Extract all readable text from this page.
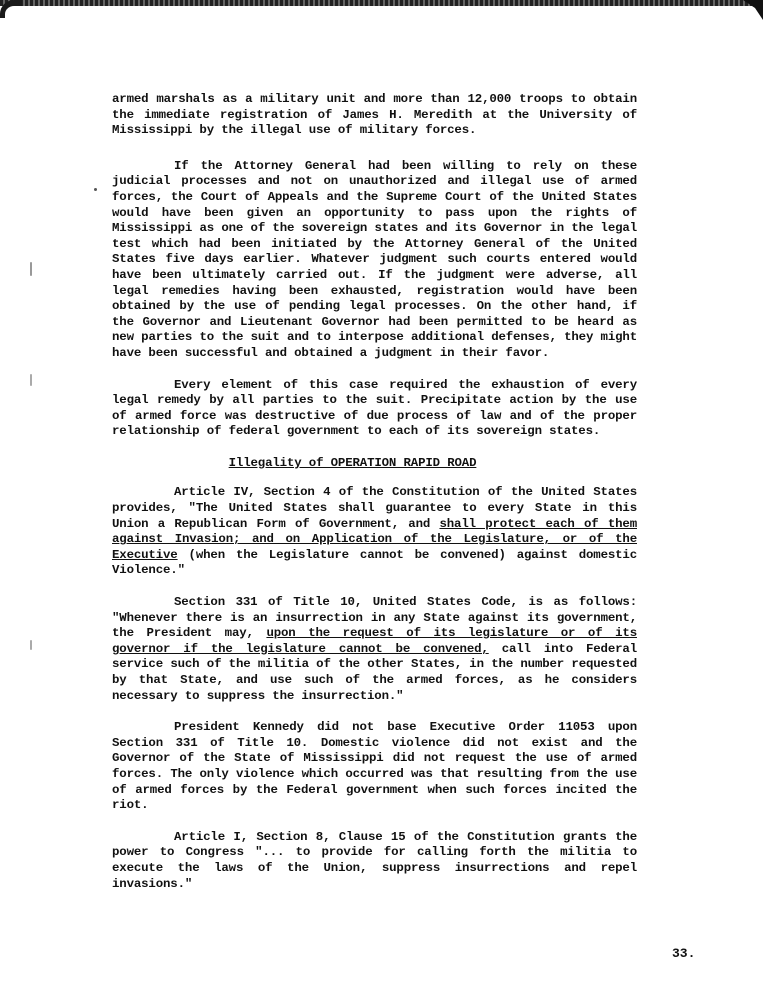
armed marshals as a military unit and more than 12,000 troops to obtain the immediate registration of James H. Meredith at the University of Mississippi by the illegal use of military forces.

If the Attorney General had been willing to rely on these judicial processes and not on unauthorized and illegal use of armed forces, the Court of Appeals and the Supreme Court of the United States would have been given an opportunity to pass upon the rights of Mississippi as one of the sovereign states and its Governor in the legal test which had been initiated by the Attorney General of the United States five days earlier. Whatever judgment such courts entered would have been ultimately carried out. If the judgment were adverse, all legal remedies having been exhausted, registration would have been obtained by the use of pending legal processes. On the other hand, if the Governor and Lieutenant Governor had been permitted to be heard as new parties to the suit and to interpose additional defenses, they might have been successful and obtained a judgment in their favor.

Every element of this case required the exhaustion of every legal remedy by all parties to the suit. Precipitate action by the use of armed force was destructive of due process of law and of the proper relationship of federal government to each of its sovereign states.

Illegality of OPERATION RAPID ROAD

Article IV, Section 4 of the Constitution of the United States provides, "The United States shall guarantee to every State in this Union a Republican Form of Government, and shall protect each of them against Invasion; and on Application of the Legislature, or of the Executive (when the Legislature cannot be convened) against domestic Violence."

Section 331 of Title 10, United States Code, is as follows: "Whenever there is an insurrection in any State against its government, the President may, upon the request of its legislature or of its governor if the legislature cannot be convened, call into Federal service such of the militia of the other States, in the number requested by that State, and use such of the armed forces, as he considers necessary to suppress the insurrection."

President Kennedy did not base Executive Order 11053 upon Section 331 of Title 10. Domestic violence did not exist and the Governor of the State of Mississippi did not request the use of armed forces. The only violence which occurred was that resulting from the use of armed forces by the Federal government when such forces incited the riot.

Article I, Section 8, Clause 15 of the Constitution grants the power to Congress "... to provide for calling forth the militia to execute the laws of the Union, suppress insurrections and repel invasions."

33.
